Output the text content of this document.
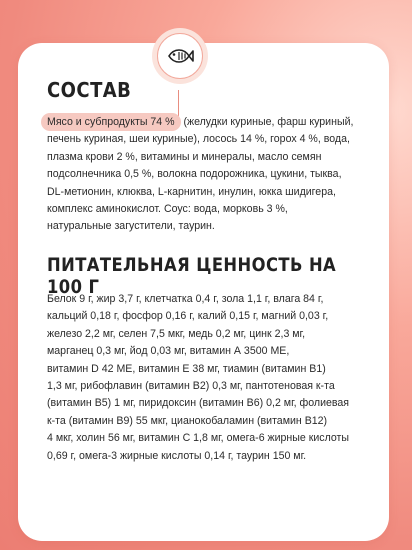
СОСТАВ
Мясо и субпродукты 74 % (желудки куриные, фарш куриный,
печень куриная, шеи куриные), лосось 14 %, горох 4 %, вода,
плазма крови 2 %, витамины и минералы, масло семян
подсолнечника 0,5 %, волокна подорожника, цукини, тыква,
DL-метионин, клюква, L-карнитин, инулин, юкка шидигера,
комплекс аминокислот. Соус: вода, морковь 3 %,
натуральные загустители, таурин.
ПИТАТЕЛЬНАЯ ЦЕННОСТЬ НА 100 Г
Белок 9 г, жир 3,7 г, клетчатка 0,4 г, зола 1,1 г, влага 84 г,
кальций 0,18 г, фосфор 0,16 г, калий 0,15 г, магний 0,03 г,
железо 2,2 мг, селен 7,5 мкг, медь 0,2 мг, цинк 2,3 мг,
марганец 0,3 мг, йод 0,03 мг, витамин А 3500 МЕ,
витамин D 42 МЕ, витамин Е 38 мг, тиамин (витамин В1)
1,3 мг, рибофлавин (витамин В2) 0,3 мг, пантотеновая к-та
(витамин В5) 1 мг, пиридоксин (витамин В6) 0,2 мг, фолиевая
к-та (витамин В9) 55 мкг, цианокобаламин (витамин В12)
4 мкг, холин 56 мг, витамин С 1,8 мг, омега-6 жирные кислоты
0,69 г, омега-3 жирные кислоты 0,14 г, таурин 150 мг.
